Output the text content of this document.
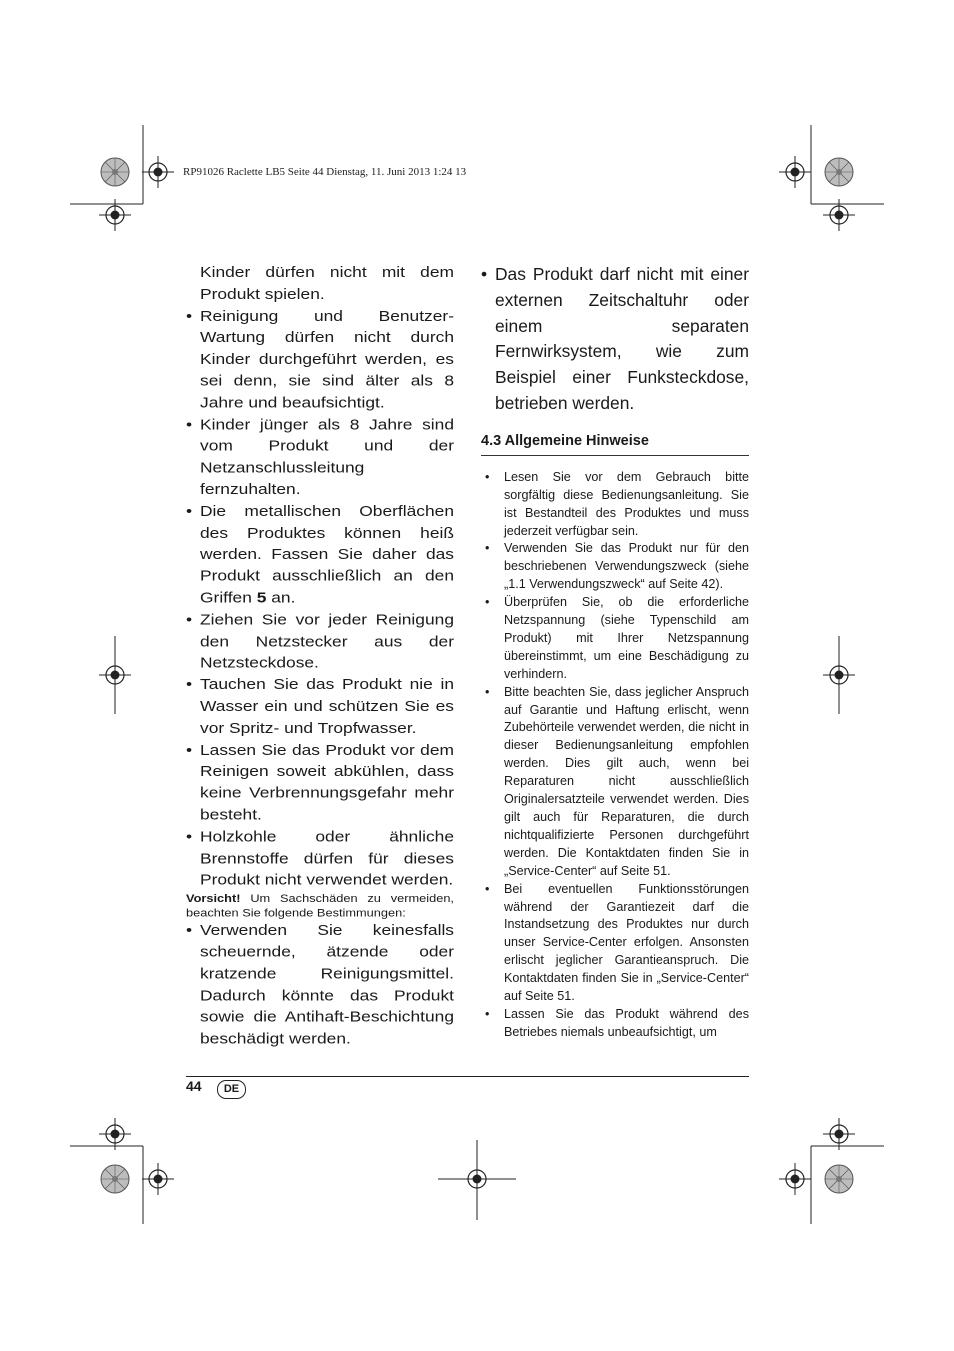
RP91026 Raclette LB5 Seite 44 Dienstag, 11. Juni 2013 1:24 13

Kinder dürfen nicht mit dem Produkt spielen.

• Reinigung und Benutzer-Wartung dürfen nicht durch Kinder durchgeführt werden, es sei denn, sie sind älter als 8 Jahre und beaufsichtigt.
• Kinder jünger als 8 Jahre sind vom Produkt und der Netzanschlussleitung fernzuhalten.
• Die metallischen Oberflächen des Produktes können heiß werden. Fassen Sie daher das Produkt ausschließlich an den Griffen 5 an.
• Ziehen Sie vor jeder Reinigung den Netzstecker aus der Netzsteckdose.
• Tauchen Sie das Produkt nie in Wasser ein und schützen Sie es vor Spritz- und Tropfwasser.
• Lassen Sie das Produkt vor dem Reinigen soweit abkühlen, dass keine Verbrennungsgefahr mehr besteht.
• Holzkohle oder ähnliche Brennstoffe dürfen für dieses Produkt nicht verwendet werden.

Vorsicht! Um Sachschäden zu vermeiden, beachten Sie folgende Bestimmungen:

• Verwenden Sie keinesfalls scheuernde, ätzende oder kratzende Reinigungsmittel. Dadurch könnte das Produkt sowie die Antihaft-Beschichtung beschädigt werden.
• Das Produkt darf nicht mit einer externen Zeitschaltuhr oder einem separaten Fernwirksystem, wie zum Beispiel einer Funksteckdose, betrieben werden.
4.3 Allgemeine Hinweise
• Lesen Sie vor dem Gebrauch bitte sorgfältig diese Bedienungsanleitung. Sie ist Bestandteil des Produktes und muss jederzeit verfügbar sein.
• Verwenden Sie das Produkt nur für den beschriebenen Verwendungszweck (siehe „1.1 Verwendungszweck“ auf Seite 42).
• Überprüfen Sie, ob die erforderliche Netzspannung (siehe Typenschild am Produkt) mit Ihrer Netzspannung übereinstimmt, um eine Beschädigung zu verhindern.
• Bitte beachten Sie, dass jeglicher Anspruch auf Garantie und Haftung erlischt, wenn Zubehörteile verwendet werden, die nicht in dieser Bedienungsanleitung empfohlen werden. Dies gilt auch, wenn bei Reparaturen nicht ausschließlich Originalersatzteile verwendet werden. Dies gilt auch für Reparaturen, die durch nichtqualifizierte Personen durchgeführt werden. Die Kontaktdaten finden Sie in „Service-Center“ auf Seite 51.
• Bei eventuellen Funktionsstörungen während der Garantiezeit darf die Instandsetzung des Produktes nur durch unser Service-Center erfolgen. Ansonsten erlischt jeglicher Garantieanspruch. Die Kontaktdaten finden Sie in „Service-Center“ auf Seite 51.
• Lassen Sie das Produkt während des Betriebes niemals unbeaufsichtigt, um
44	DE
